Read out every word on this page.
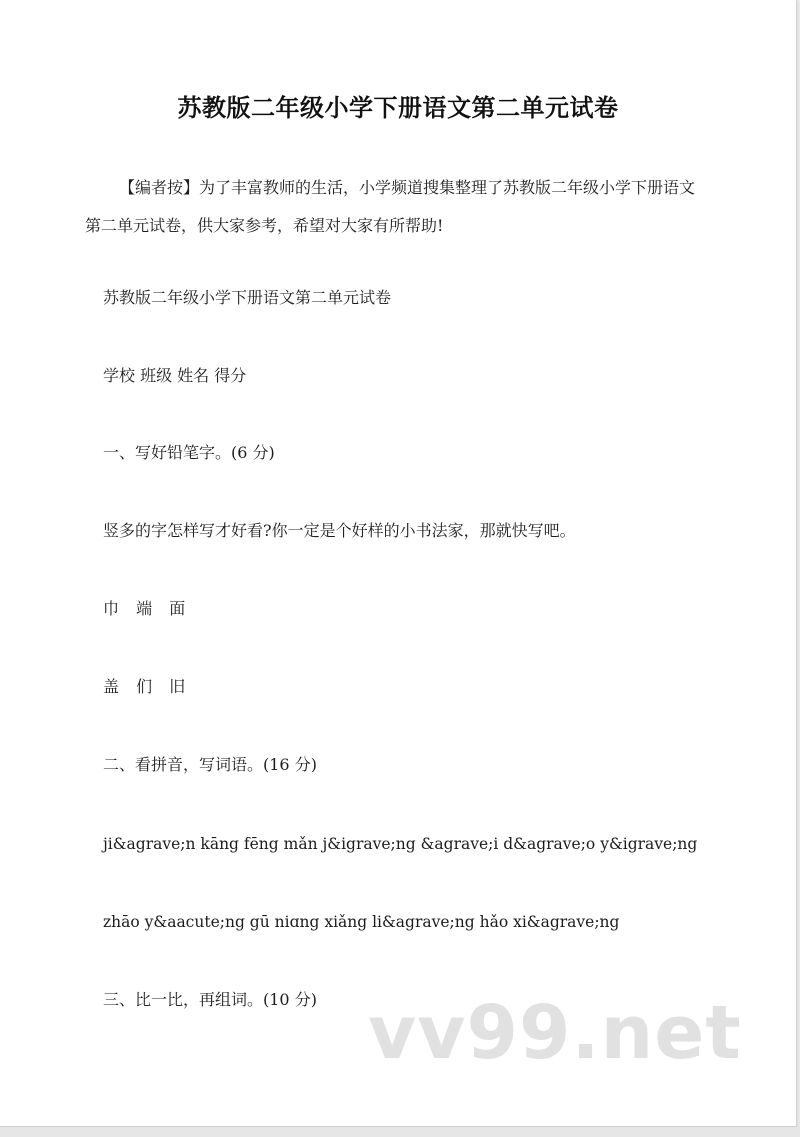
苏教版二年级小学下册语文第二单元试卷
【编者按】为了丰富教师的生活，小学频道搜集整理了苏教版二年级小学下册语文第二单元试卷，供大家参考，希望对大家有所帮助!
苏教版二年级小学下册语文第二单元试卷
学校 班级 姓名 得分
一、写好铅笔字。(6 分)
竖多的字怎样写才好看?你一定是个好样的小书法家，那就快写吧。
巾 端 面
盖 们 旧
二、看拼音，写词语。(16 分)
ji&agrave;n kāng fēng mǎn j&igrave;ng &agrave;i d&agrave;o y&igrave;ng
zhāo y&aacute;ng gū niɑng xiǎng li&agrave;ng hǎo xi&agrave;ng
三、比一比，再组词。(10 分) vv99.net
